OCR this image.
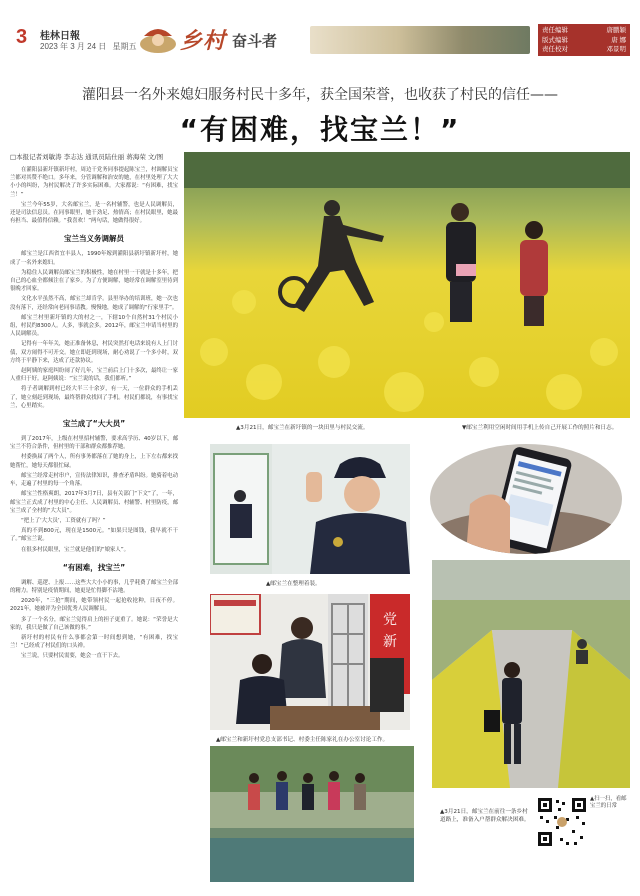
3	桂林日報
2023 年 3 月 24 日 星期五 乡村 奋斗者
责任编辑	唐鹏颖
版式编辑	唐 娜
责任校对	邓景明
灌阳县一名外来媳妇服务村民十多年，获全国荣誉，也收获了村民的信任——
“有困难，找宝兰！”
□本报记者刘敏涛 李志达 通讯员陆仕丽 蒋海荣 文/图

在灌阳县新圩镇新圩村，周边干党务同事提起陈宝兰，村调解员宝兰都对其赞不绝口。多年来，分管调解和治安的她，在村里处理了大大小小的纠纷，为村民解决了许多实际困难。大家都说：“有困难，找宝兰！”

宝兰今年55岁，大名邮宝兰，是一名村辅警，也是人民调解员，还是司法信息员。在同事眼里，她干劲足、热情高；在村民眼里，她最有担当、最值得信赖。“我喜欢！”两句话，她做得很好。

宝兰当义务调解员

邮宝兰是江西省宜丰县人，1990年嫁到灌阳县新圩镇新圩村，她成了一名外来媳妇。

为稳住人民调解员邮宝兰的积极性，她在村里一干就是十多年，把自己的心血全都倾注在了家乡。为了方便调解，她经常在调解室里待到很晚才回家。

文化水平虽然不高，邮宝兰却肯学。县里举办的培训班，她一次也没有落下，还经常向老同事请教。慢慢地，她成了调解的“行家里手”。

邮宝兰村里新圩镇的大的村之一，下辖10个自然村31个村民小组，村民约8300人。人多，事就会多。2012年，邮宝兰申请当村里的人民调解员。

记得有一年年关，她正准备休息，村民突然打电话来说有人上门讨债，双方闹得不可开交。她立即赶到现场，耐心劝说了一个多小时，双方终于平静下来，达成了还款协议。

赵阿姨的家庭纠纷闹了好几年，宝兰前后上门十多次，最终让一家人重归于好。赵阿姨说：“宝兰说的话，我们都听。”

将子者调解到村已经大半三十余岁，有一天，一位群众的手机丢了，她立刻赶到现场，最终帮群众找回了手机。村民们都说，有事找宝兰，心里踏实。

宝兰成了“大大员”

到了2017年，上级在村里招村辅警，要求高学历、40岁以下，邮宝兰不符合条件，但村里的干部和群众都推荐她。

村委换届了两个人，所有事务都落在了她的身上，上下左右都来找她帮忙，她每天都很忙碌。

邮宝兰经常走村串户，宣传法律知识，排查矛盾纠纷。她骑着电动车，走遍了村里的每一个角落。

邮宝兰性格爽朗，2017年3月7日，县有关部门“下文”了，一年，邮宝兰正式成了村里的中心主任、人民调解员、村辅警、村里防疫，邮宝兰成了全村的“大大员”。

“把上了‘大大员’，工资就有了吗？”

真的不到800元，现在是1500元。“如果只是图钱，我早就不干了。”邮宝兰说。

在很多村民眼里，宝兰就是他们的“娘家人”。

“有困难，找宝兰”

调解、巡逻、上报……这些大大小小的事，几乎耗费了邮宝兰全部的精力。特别是疫情期间，她更是忙得脚不沾地。

2020年，“三抢”期间，她带领村民一起抢收抢种，日夜不停。2021年，她被评为全国优秀人民调解员。

多了一个名分，邮宝兰觉得肩上的担子更重了。她说：“荣誉是大家的，我只是做了自己该做的事。”

新圩村的村民有什么事都会第一时间想到她，“有困难，找宝兰！”已经成了村民们的口头禅。

宝兰说，只要村民需要，她会一直干下去。

▲3月21日，邮宝兰在新圩镇的一块田里与村民交流。	▼邮宝兰利用空闲时间用手机上传自己开展工作的照片和日志。
▲邮宝兰在整理着装。
党
新
▲邮宝兰和新圩村党总支部书记、村委主任陈家礼在办公室讨论工作。
▲3月21日，邮宝兰在前往一条乡村道路上，准备入户帮群众解决困难。
▲扫一扫，看邮宝兰的日常
